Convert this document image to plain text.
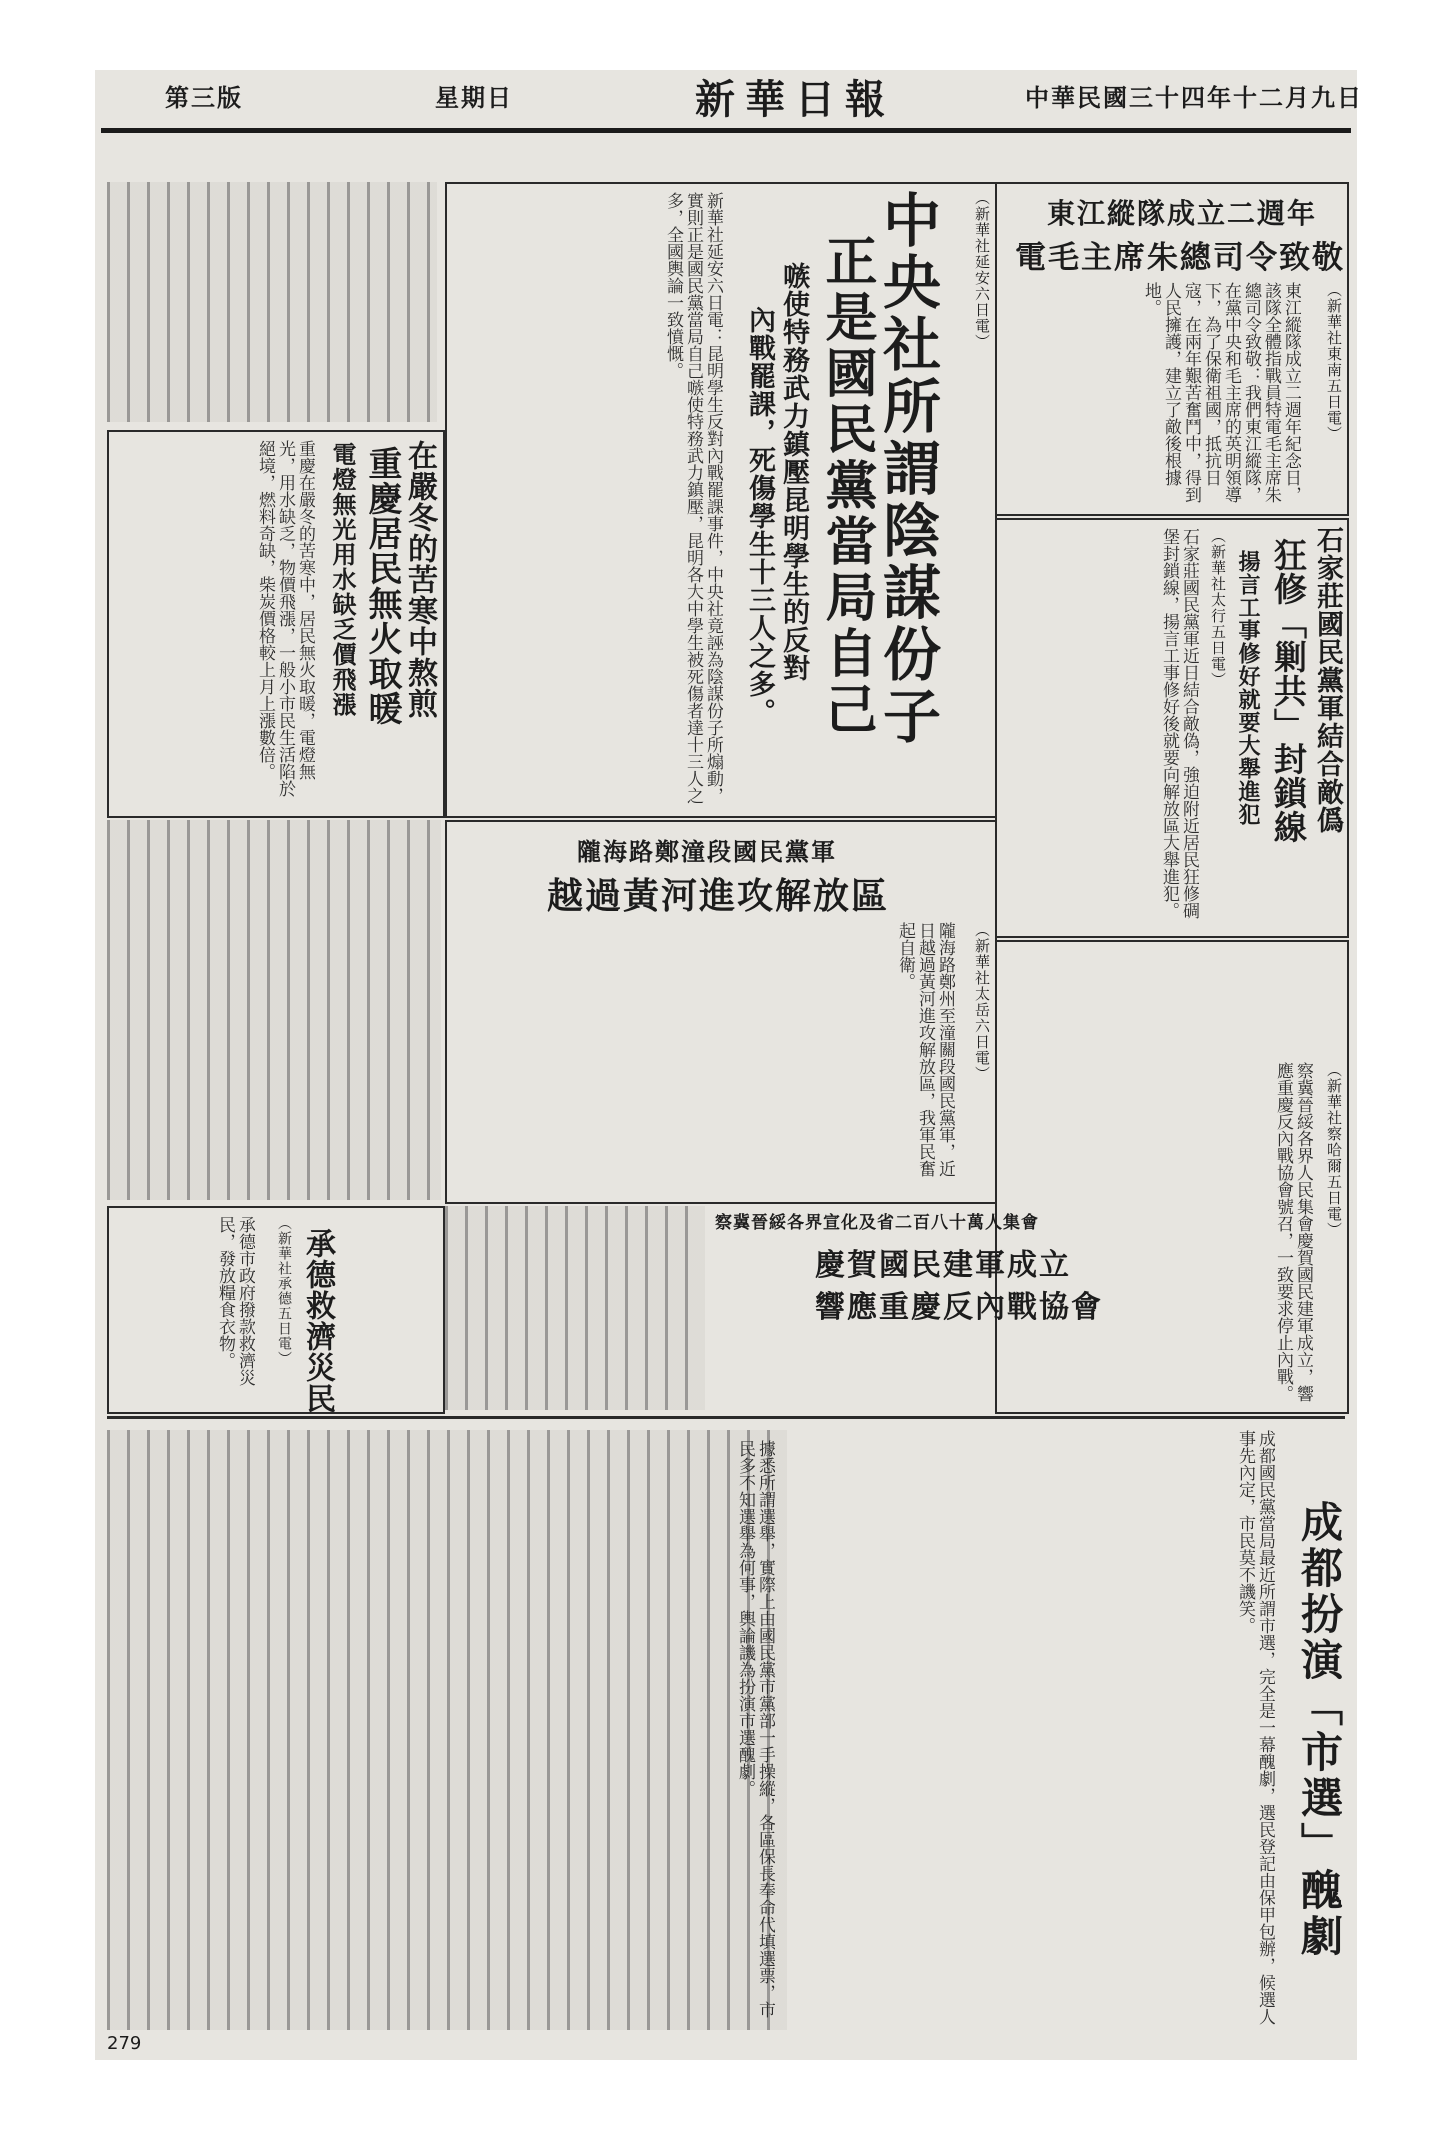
中華民國三十四年十二月九日
新華日報
星期日
第三版
東江縱隊成立二週年
電毛主席朱總司令致敬
東江縱隊成立二週年紀念日，該隊全體指戰員特電毛主席朱總司令致敬：我們東江縱隊，在黨中央和毛主席的英明領導下，為了保衛祖國，抵抗日寇，在兩年艱苦奮鬥中，得到人民擁護，建立了敵後根據地。	（新華社東南五日電）
中央社所謂陰謀份子
正是國民黨當局自己
嗾使特務武力鎮壓昆明學生的反對
內戰罷課，死傷學生十三人之多。
（新華社延安六日電）
新華社延安六日電：昆明學生反對內戰罷課事件，中央社竟誣為陰謀份子所煽動，實則正是國民黨當局自己嗾使特務武力鎮壓，昆明各大中學生被死傷者達十三人之多，全國輿論一致憤慨。
在嚴冬的苦寒中熬煎
重慶居民無火取暖
電燈無光用水缺乏價飛漲
重慶在嚴冬的苦寒中，居民無火取暖，電燈無光，用水缺乏，物價飛漲，一般小市民生活陷於絕境，燃料奇缺，柴炭價格較上月上漲數倍。	石家莊國民黨軍結合敵僞
狂修「剿共」封鎖線
揚言工事修好就要大舉進犯
（新華社太行五日電）
石家莊國民黨軍近日結合敵偽，強迫附近居民狂修碉堡封鎖線，揚言工事修好後就要向解放區大舉進犯。
隴海路鄭潼段國民黨軍
越過黃河進攻解放區
（新華社太岳六日電）
隴海路鄭州至潼關段國民黨軍，近日越過黃河進攻解放區，我軍民奮起自衛。
（新華社察哈爾五日電）
察冀晉綏各界人民集會慶賀國民建軍成立，響應重慶反內戰協會號召，一致要求停止內戰。
察冀晉綏各界宣化及省二百八十萬人集會
慶賀國民建軍成立
響應重慶反內戰協會
承德救濟災民
（新華社承德五日電）
承德市政府撥款救濟災民，發放糧食衣物。
成都扮演「市選」醜劇
成都國民黨當局最近所謂市選，完全是一幕醜劇，選民登記由保甲包辦，候選人事先內定，市民莫不譏笑。
據悉所謂選舉，實際上由國民黨市黨部一手操縱，各區保長奉命代填選票，市民多不知選舉為何事，輿論譏為扮演市選醜劇。
279
